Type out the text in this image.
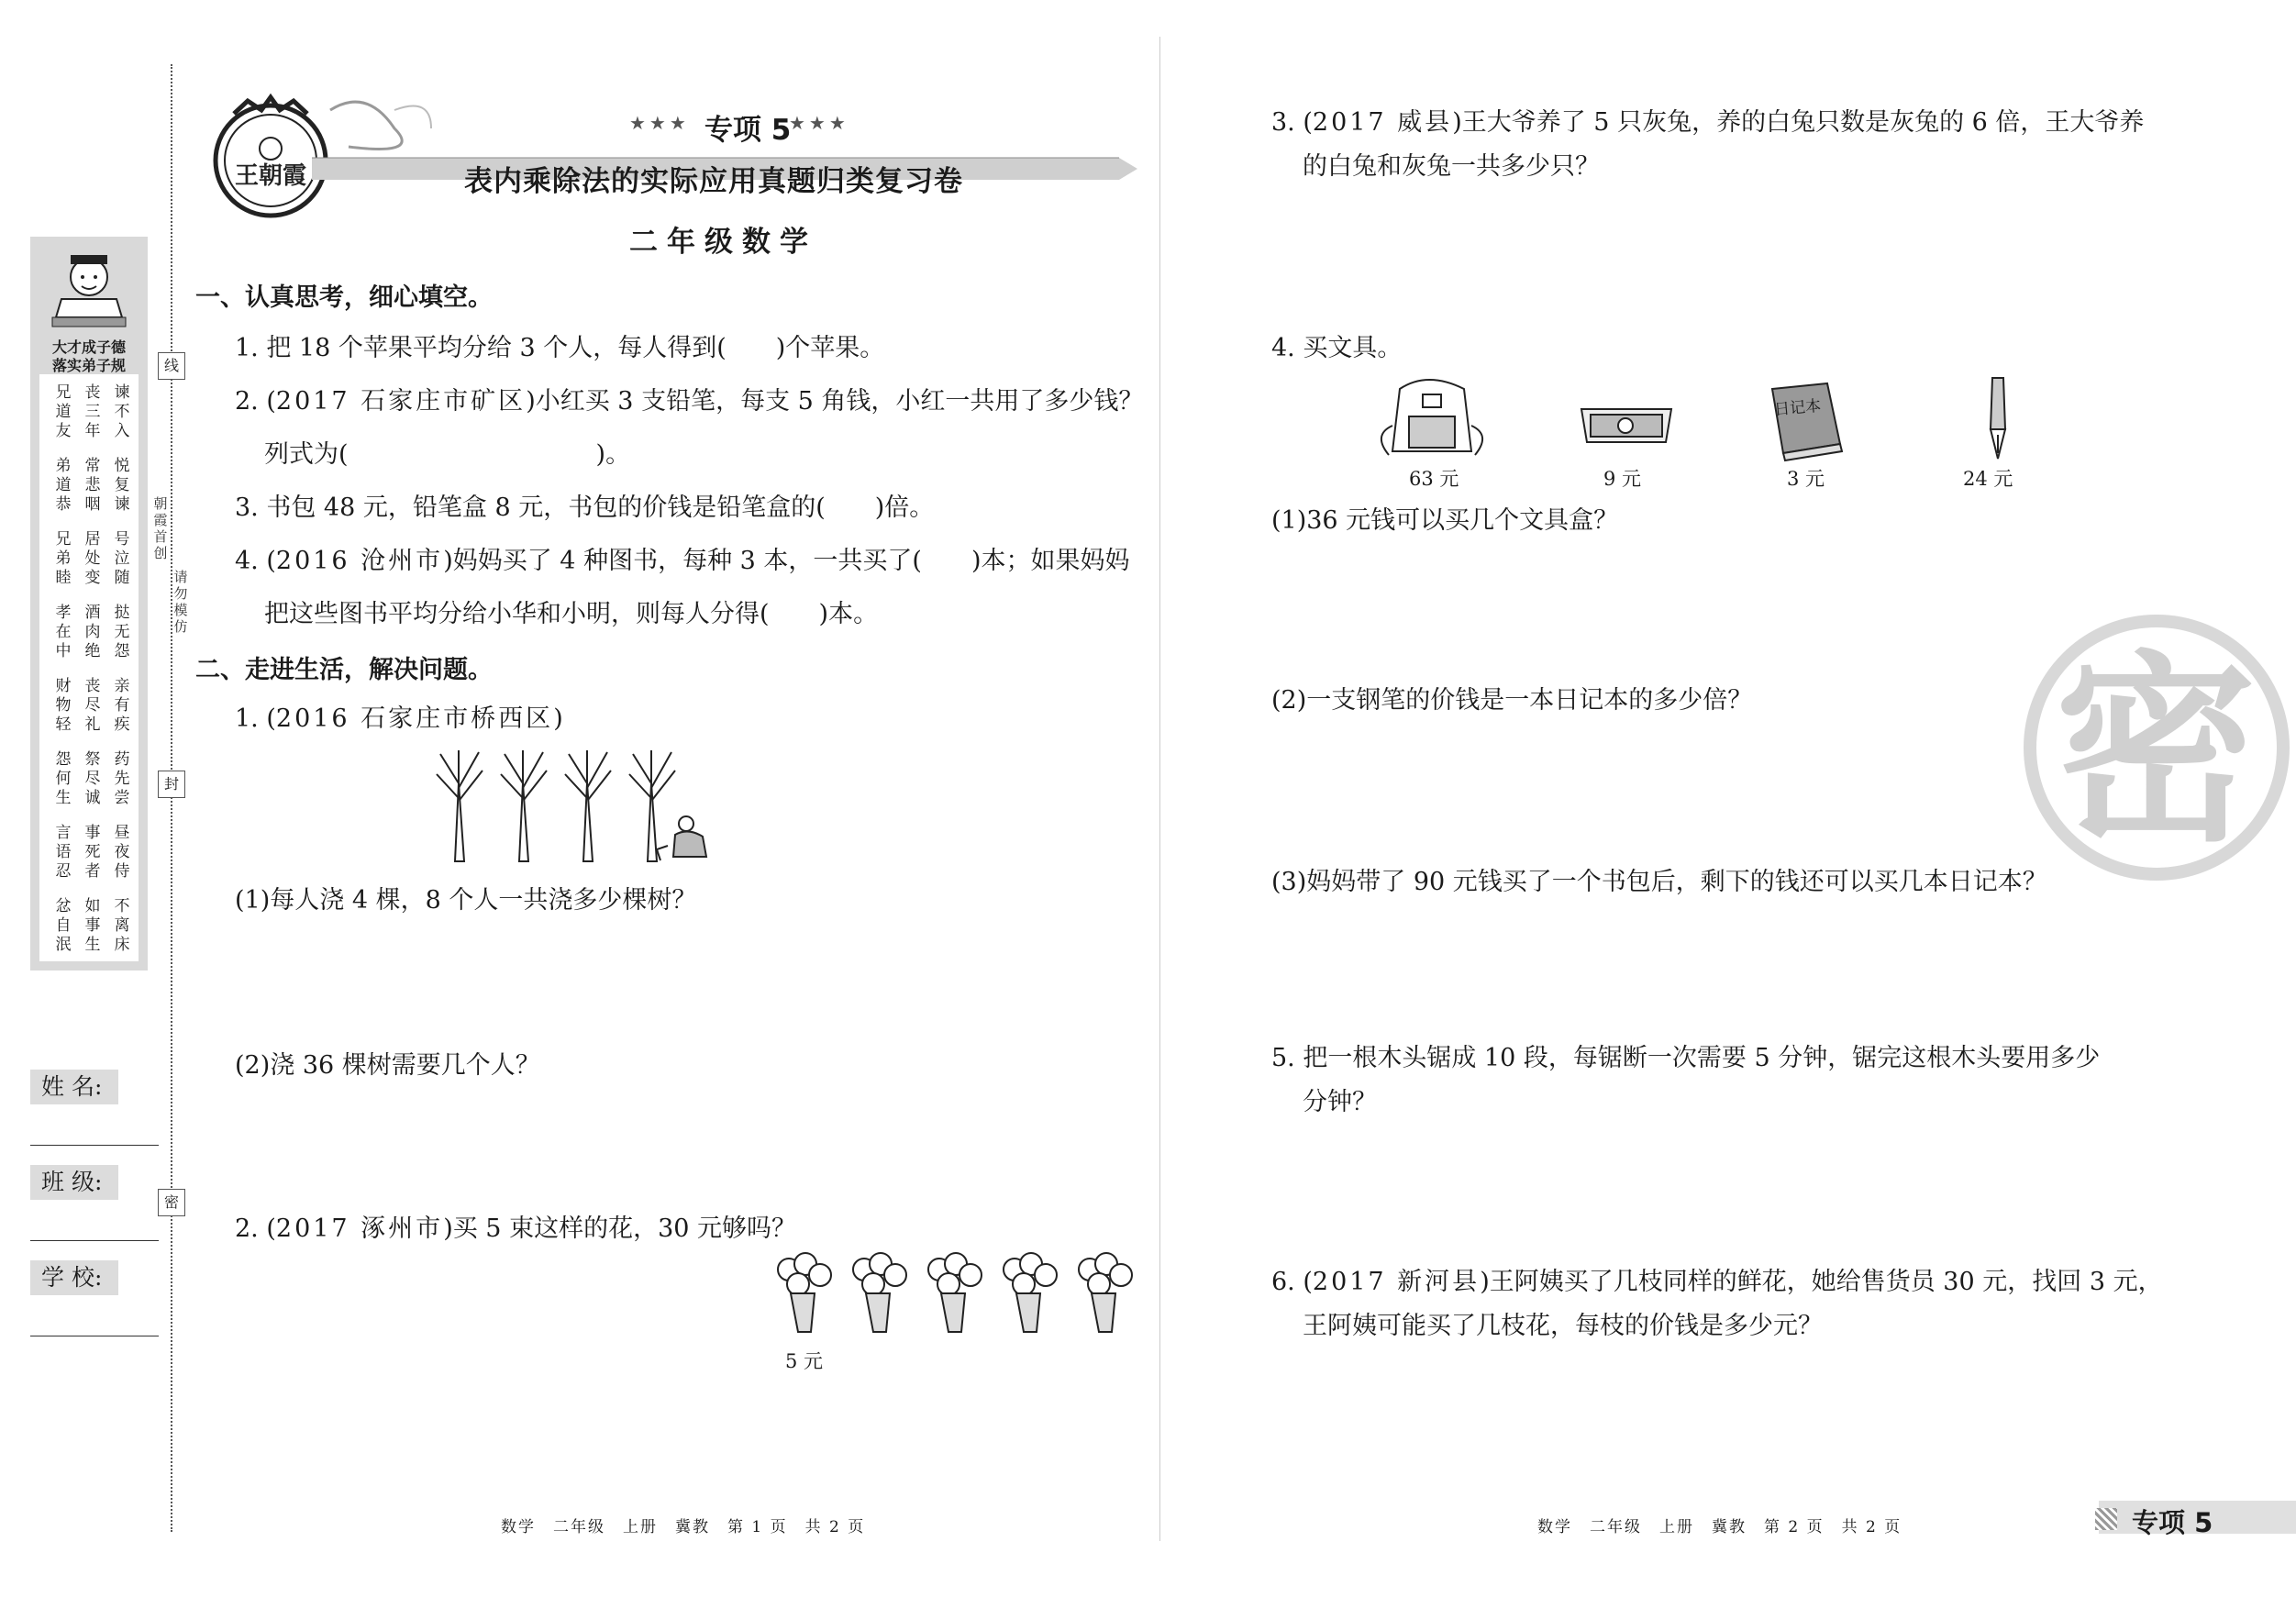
大才成子德
落实弟子规
谏
不
入
丧
三
年
兄
道
友
悦
复
谏
常
悲
咽
弟
道
恭
号
泣
随
居
处
变
兄
弟
睦
挞
无
怨
酒
肉
绝
孝
在
中
亲
有
疾
丧
尽
礼
财
物
轻
药
先
尝
祭
尽
诚
怨
何
生
昼
夜
侍
事
死
者
言
语
忍
不
离
床
如
事
生
忿
自
泯
姓 名:
班 级:
学 校:
线
封
密
朝
霞
首
创
请
勿
模
仿
王朝霞
★★★ 专项 5
★★★
表内乘除法的实际应用真题归类复习卷
二年级数学
一、认真思考，细心填空。
1. 把 18 个苹果平均分给 3 个人，每人得到(　　)个苹果。
2. (2017 石家庄市矿区)小红买 3 支铅笔，每支 5 角钱，小红一共用了多少钱？
列式为(　　　　　　　　　　)。
3. 书包 48 元，铅笔盒 8 元，书包的价钱是铅笔盒的(　　)倍。
4. (2016 沧州市)妈妈买了 4 种图书，每种 3 本，一共买了(　　)本；如果妈妈
把这些图书平均分给小华和小明，则每人分得(　　)本。
二、走进生活，解决问题。
1. (2016 石家庄市桥西区)
(1)每人浇 4 棵，8 个人一共浇多少棵树？
(2)浇 36 棵树需要几个人？
2. (2017 涿州市)买 5 束这样的花，30 元够吗？
5 元
数学　二年级　上册　冀教　第 1 页　共 2 页
3. (2017 威县)王大爷养了 5 只灰兔，养的白兔只数是灰兔的 6 倍，王大爷养
的白兔和灰兔一共多少只？
4. 买文具。
63 元	9 元
日记本
3 元	24 元
(1)36 元钱可以买几个文具盒？
(2)一支钢笔的价钱是一本日记本的多少倍？
(3)妈妈带了 90 元钱买了一个书包后，剩下的钱还可以买几本日记本？
5. 把一根木头锯成 10 段，每锯断一次需要 5 分钟，锯完这根木头要用多少
分钟？
6. (2017 新河县)王阿姨买了几枝同样的鲜花，她给售货员 30 元，找回 3 元，
王阿姨可能买了几枝花，每枝的价钱是多少元？
密
数学　二年级　上册　冀教　第 2 页　共 2 页	专项 5
